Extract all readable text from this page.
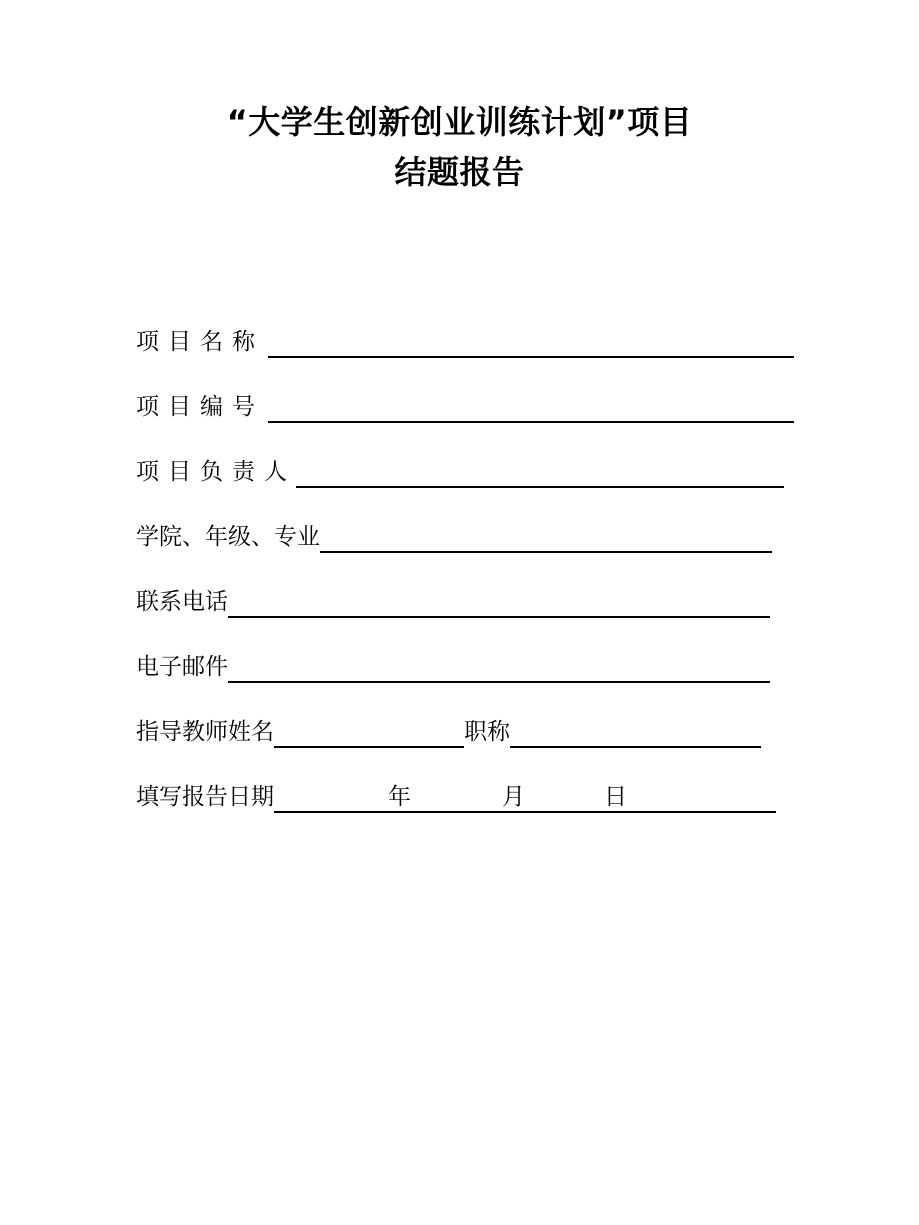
“大学生创新创业训练计划”项目
结题报告
项目名称
项目编号
项目负责人
学院、年级、专业
联系电话
电子邮件
指导教师姓名	职称
填写报告日期	年	月	日
